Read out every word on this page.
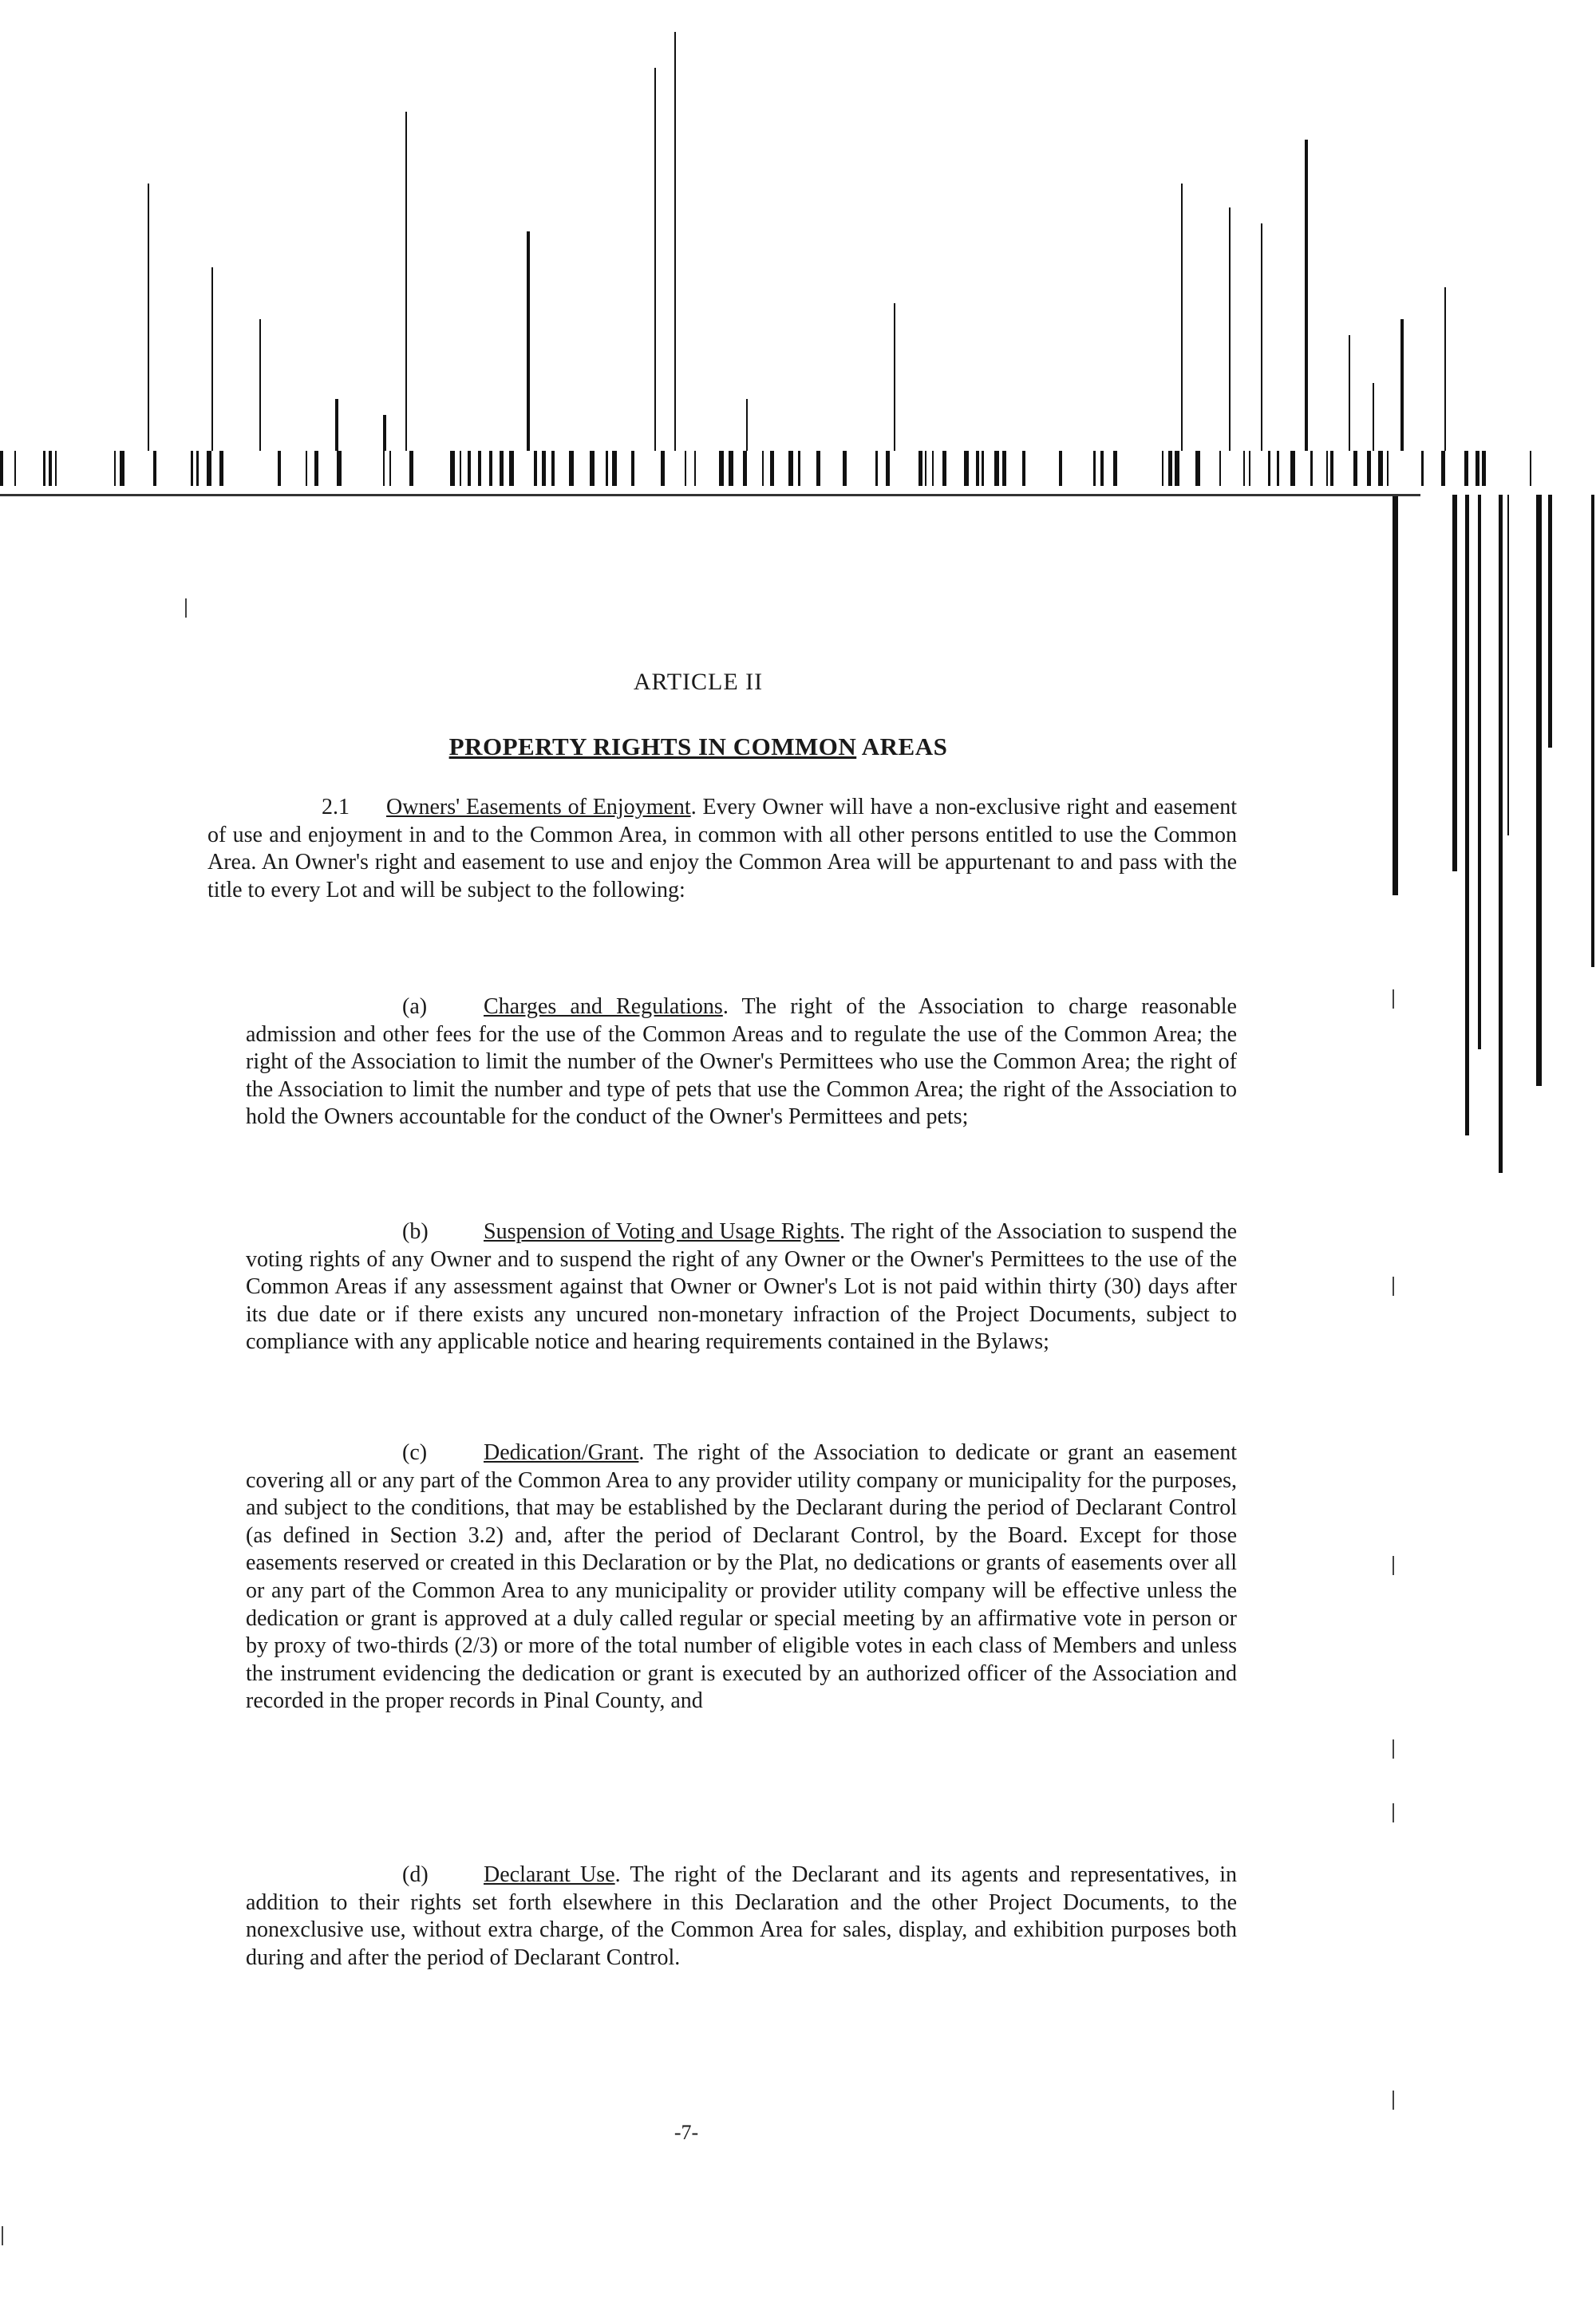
ARTICLE II
PROPERTY RIGHTS IN COMMON AREAS
2.1 Owners' Easements of Enjoyment. Every Owner will have a non-exclusive right and easement of use and enjoyment in and to the Common Area, in common with all other persons entitled to use the Common Area. An Owner's right and easement to use and enjoy the Common Area will be appurtenant to and pass with the title to every Lot and will be subject to the following:
(a)	Charges and Regulations. The right of the Association to charge reasonable admission and other fees for the use of the Common Areas and to regulate the use of the Common Area; the right of the Association to limit the number of the Owner's Permittees who use the Common Area; the right of the Association to limit the number and type of pets that use the Common Area; the right of the Association to hold the Owners accountable for the conduct of the Owner's Permittees and pets;
(b) Suspension of Voting and Usage Rights. The right of the Association to suspend the voting rights of any Owner and to suspend the right of any Owner or the Owner's Permittees to the use of the Common Areas if any assessment against that Owner or Owner's Lot is not paid within thirty (30) days after its due date or if there exists any uncured non-monetary infraction of the Project Documents, subject to compliance with any applicable notice and hearing requirements contained in the Bylaws;
(c)	Dedication/Grant. The right of the Association to dedicate or grant an easement covering all or any part of the Common Area to any provider utility company or municipality for the purposes, and subject to the conditions, that may be established by the Declarant during the period of Declarant Control (as defined in Section 3.2) and, after the period of Declarant Control, by the Board. Except for those easements reserved or created in this Declaration or by the Plat, no dedications or grants of easements over all or any part of the Common Area to any municipality or provider utility company will be effective unless the dedication or grant is approved at a duly called regular or special meeting by an affirmative vote in person or by proxy of two-thirds (2/3) or more of the total number of eligible votes in each class of Members and unless the instrument evidencing the dedication or grant is executed by an authorized officer of the Association and recorded in the proper records in Pinal County, and
(d) Declarant Use. The right of the Declarant and its agents and representatives, in addition to their rights set forth elsewhere in this Declaration and the other Project Documents, to the nonexclusive use, without extra charge, of the Common Area for sales, display, and exhibition purposes both during and after the period of Declarant Control.
-7-
